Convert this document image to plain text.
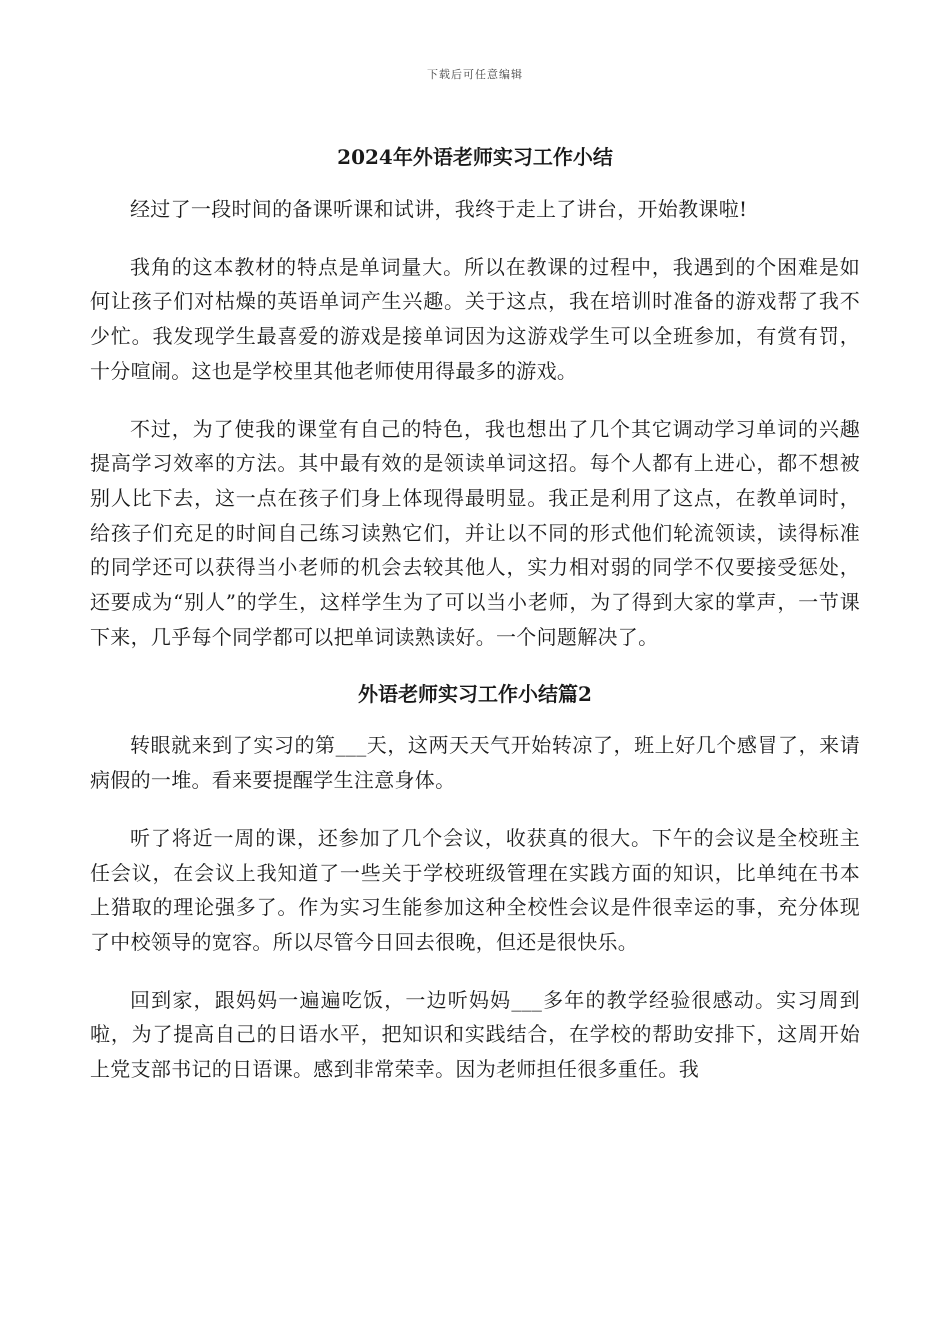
下载后可任意编辑
2024年外语老师实习工作小结

经过了一段时间的备课听课和试讲，我终于走上了讲台，开始教课啦!

我角的这本教材的特点是单词量大。所以在教课的过程中，我遇到的个困难是如何让孩子们对枯燥的英语单词产生兴趣。关于这点，我在培训时准备的游戏帮了我不少忙。我发现学生最喜爱的游戏是接单词因为这游戏学生可以全班参加，有赏有罚，十分喧闹。这也是学校里其他老师使用得最多的游戏。

不过，为了使我的课堂有自己的特色，我也想出了几个其它调动学习单词的兴趣提高学习效率的方法。其中最有效的是领读单词这招。每个人都有上进心，都不想被别人比下去，这一点在孩子们身上体现得最明显。我正是利用了这点，在教单词时，给孩子们充足的时间自己练习读熟它们，并让以不同的形式他们轮流领读，读得标准的同学还可以获得当小老师的机会去较其他人，实力相对弱的同学不仅要接受惩处，还要成为“别人”的学生，这样学生为了可以当小老师，为了得到大家的掌声，一节课下来，几乎每个同学都可以把单词读熟读好。一个问题解决了。

外语老师实习工作小结篇2

转眼就来到了实习的第___天，这两天天气开始转凉了，班上好几个感冒了，来请病假的一堆。看来要提醒学生注意身体。

听了将近一周的课，还参加了几个会议，收获真的很大。下午的会议是全校班主任会议，在会议上我知道了一些关于学校班级管理在实践方面的知识，比单纯在书本上猎取的理论强多了。作为实习生能参加这种全校性会议是件很幸运的事，充分体现了中校领导的宽容。所以尽管今日回去很晚，但还是很快乐。

回到家，跟妈妈一遍遍吃饭，一边听妈妈___多年的教学经验很感动。实习周到啦，为了提高自己的日语水平，把知识和实践结合，在学校的帮助安排下，这周开始上党支部书记的日语课。感到非常荣幸。因为老师担任很多重任。我
